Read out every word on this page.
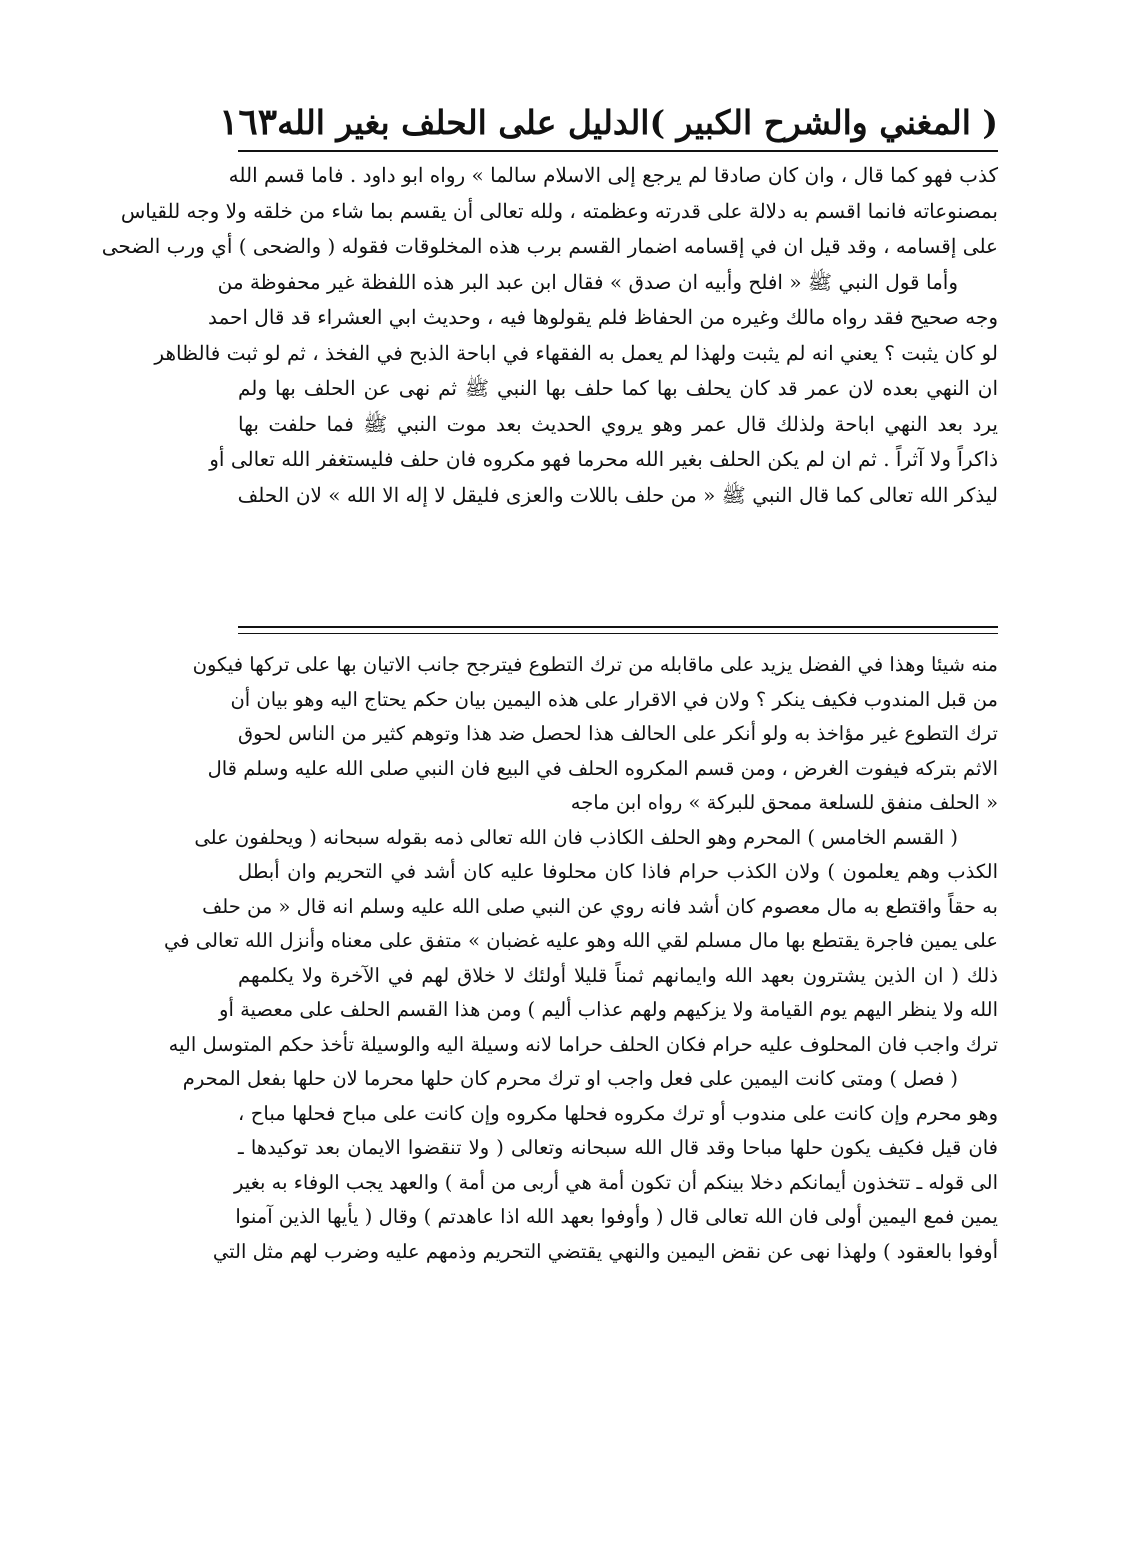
( المغني والشرح الكبير )
الدليل على الحلف بغير الله
١٦٣
كذب فهو كما قال ، وان كان صادقا لم يرجع إلى الاسلام سالما » رواه ابو داود . فاما قسم الله
بمصنوعاته فانما اقسم به دلالة على قدرته وعظمته ، ولله تعالى أن يقسم بما شاء من خلقه ولا وجه للقياس
على إقسامه ، وقد قيل ان في إقسامه اضمار القسم برب هذه المخلوقات فقوله ( والضحى ) أي ورب الضحى
وأما قول النبي ﷺ « افلح وأبيه ان صدق » فقال ابن عبد البر هذه اللفظة غير محفوظة من
وجه صحيح فقد رواه مالك وغيره من الحفاظ فلم يقولوها فيه ، وحديث ابي العشراء قد قال احمد
لو كان يثبت ؟ يعني انه لم يثبت ولهذا لم يعمل به الفقهاء في اباحة الذبح في الفخذ ، ثم لو ثبت فالظاهر
ان النهي بعده لان عمر قد كان يحلف بها كما حلف بها النبي ﷺ ثم نهى عن الحلف بها ولم
يرد بعد النهي اباحة ولذلك قال عمر وهو يروي الحديث بعد موت النبي ﷺ فما حلفت بها
ذاكراً ولا آثراً . ثم ان لم يكن الحلف بغير الله محرما فهو مكروه فان حلف فليستغفر الله تعالى أو
ليذكر الله تعالى كما قال النبي ﷺ « من حلف باللات والعزى فليقل لا إله الا الله » لان الحلف
منه شيئا وهذا في الفضل يزيد على ماقابله من ترك التطوع فيترجح جانب الاتيان بها على تركها فيكون
من قبل المندوب فكيف ينكر ؟ ولان في الاقرار على هذه اليمين بيان حكم يحتاج اليه وهو بيان أن
ترك التطوع غير مؤاخذ به ولو أنكر على الحالف هذا لحصل ضد هذا وتوهم كثير من الناس لحوق
الاثم بتركه فيفوت الغرض ، ومن قسم المكروه الحلف في البيع فان النبي صلى الله عليه وسلم قال
« الحلف منفق للسلعة ممحق للبركة » رواه ابن ماجه
( القسم الخامس ) المحرم وهو الحلف الكاذب فان الله تعالى ذمه بقوله سبحانه ( ويحلفون على
الكذب وهم يعلمون ) ولان الكذب حرام فاذا كان محلوفا عليه كان أشد في التحريم وان أبطل
به حقاً واقتطع به مال معصوم كان أشد فانه روي عن النبي صلى الله عليه وسلم انه قال « من حلف
على يمين فاجرة يقتطع بها مال مسلم لقي الله وهو عليه غضبان » متفق على معناه وأنزل الله تعالى في
ذلك ( ان الذين يشترون بعهد الله وايمانهم ثمناً قليلا أولئك لا خلاق لهم في الآخرة ولا يكلمهم
الله ولا ينظر اليهم يوم القيامة ولا يزكيهم ولهم عذاب أليم ) ومن هذا القسم الحلف على معصية أو
ترك واجب فان المحلوف عليه حرام فكان الحلف حراما لانه وسيلة اليه والوسيلة تأخذ حكم المتوسل اليه
( فصل ) ومتى كانت اليمين على فعل واجب او ترك محرم كان حلها محرما لان حلها بفعل المحرم
وهو محرم وإن كانت على مندوب أو ترك مكروه فحلها مكروه وإن كانت على مباح فحلها مباح ،
فان قيل فكيف يكون حلها مباحا وقد قال الله سبحانه وتعالى ( ولا تنقضوا الايمان بعد توكيدها ـ
الى قوله ـ تتخذون أيمانكم دخلا بينكم أن تكون أمة هي أربى من أمة ) والعهد يجب الوفاء به بغير
يمين فمع اليمين أولى فان الله تعالى قال ( وأوفوا بعهد الله اذا عاهدتم ) وقال ( يأيها الذين آمنوا
أوفوا بالعقود ) ولهذا نهى عن نقض اليمين والنهي يقتضي التحريم وذمهم عليه وضرب لهم مثل التي
